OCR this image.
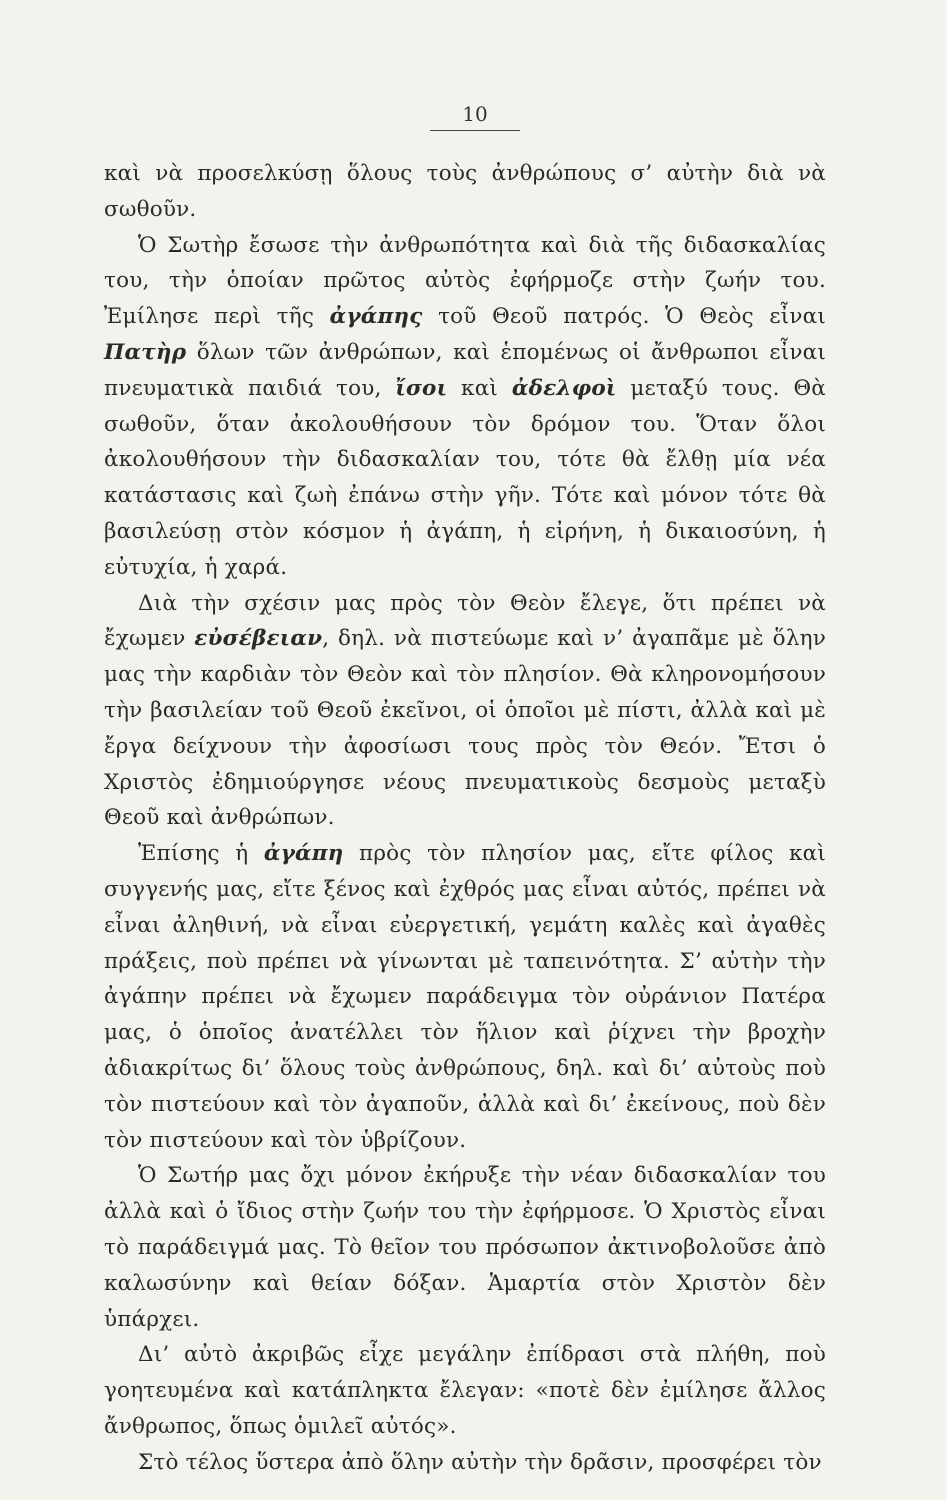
10

καὶ νὰ προσελκύσῃ ὅλους τοὺς ἀνθρώπους σ’ αὐτὴν διὰ νὰ σωθοῦν.

Ὁ Σωτὴρ ἔσωσε τὴν ἀνθρωπότητα καὶ διὰ τῆς διδασκαλίας του, τὴν ὁποίαν πρῶτος αὐτὸς ἐφήρμοζε στὴν ζωήν του. Ἐμίλησε περὶ τῆς ἀγάπης τοῦ Θεοῦ πατρός. Ὁ Θεὸς εἶναι Πατὴρ ὅλων τῶν ἀνθρώπων, καὶ ἑπομένως οἱ ἄνθρωποι εἶναι πνευματικὰ παιδιά του, ἴσοι καὶ ἀδελφοὶ μεταξύ τους. Θὰ σωθοῦν, ὅταν ἀκολουθήσουν τὸν δρόμον του. Ὅταν ὅλοι ἀκολουθήσουν τὴν διδασκαλίαν του, τότε θὰ ἔλθῃ μία νέα κατάστασις καὶ ζωὴ ἐπάνω στὴν γῆν. Τότε καὶ μόνον τότε θὰ βασιλεύσῃ στὸν κόσμον ἡ ἀγάπη, ἡ εἰρήνη, ἡ δικαιοσύνη, ἡ εὐτυχία, ἡ χαρά.

Διὰ τὴν σχέσιν μας πρὸς τὸν Θεὸν ἔλεγε, ὅτι πρέπει νὰ ἔχωμεν εὐσέβειαν, δηλ. νὰ πιστεύωμε καὶ ν’ ἀγαπᾶμε μὲ ὅλην μας τὴν καρδιὰν τὸν Θεὸν καὶ τὸν πλησίον. Θὰ κληρονομήσουν τὴν βασιλείαν τοῦ Θεοῦ ἐκεῖνοι, οἱ ὁποῖοι μὲ πίστι, ἀλλὰ καὶ μὲ ἔργα δείχνουν τὴν ἀφοσίωσι τους πρὸς τὸν Θεόν. Ἔτσι ὁ Χριστὸς ἐδημιούργησε νέους πνευματικοὺς δεσμοὺς μεταξὺ Θεοῦ καὶ ἀνθρώπων.

Ἐπίσης ἡ ἀγάπη πρὸς τὸν πλησίον μας, εἴτε φίλος καὶ συγγενής μας, εἴτε ξένος καὶ ἐχθρός μας εἶναι αὐτός, πρέπει νὰ εἶναι ἀληθινή, νὰ εἶναι εὐεργετική, γεμάτη καλὲς καὶ ἀγαθὲς πράξεις, ποὺ πρέπει νὰ γίνωνται μὲ ταπεινότητα. Σ’ αὐτὴν τὴν ἀγάπην πρέπει νὰ ἔχωμεν παράδειγμα τὸν οὐράνιον Πατέρα μας, ὁ ὁποῖος ἀνατέλλει τὸν ἥλιον καὶ ῥίχνει τὴν βροχὴν ἀδιακρίτως δι’ ὅλους τοὺς ἀνθρώπους, δηλ. καὶ δι’ αὐτοὺς ποὺ τὸν πιστεύουν καὶ τὸν ἀγαποῦν, ἀλλὰ καὶ δι’ ἐκείνους, ποὺ δὲν τὸν πιστεύουν καὶ τὸν ὑβρίζουν.

Ὁ Σωτήρ μας ὄχι μόνον ἐκήρυξε τὴν νέαν διδασκαλίαν του ἀλλὰ καὶ ὁ ἴδιος στὴν ζωήν του τὴν ἐφήρμοσε. Ὁ Χριστὸς εἶναι τὸ παράδειγμά μας. Τὸ θεῖον του πρόσωπον ἀκτινοβολοῦσε ἀπὸ καλωσύνην καὶ θείαν δόξαν. Ἁμαρτία στὸν Χριστὸν δὲν ὑπάρχει.

Δι’ αὐτὸ ἀκριβῶς εἶχε μεγάλην ἐπίδρασι στὰ πλήθη, ποὺ γοητευμένα καὶ κατάπληκτα ἔλεγαν: «ποτὲ δὲν ἐμίλησε ἄλλος ἄνθρωπος, ὅπως ὁμιλεῖ αὐτός».

Στὸ τέλος ὕστερα ἀπὸ ὅλην αὐτὴν τὴν δρᾶσιν, προσφέρει τὸν
